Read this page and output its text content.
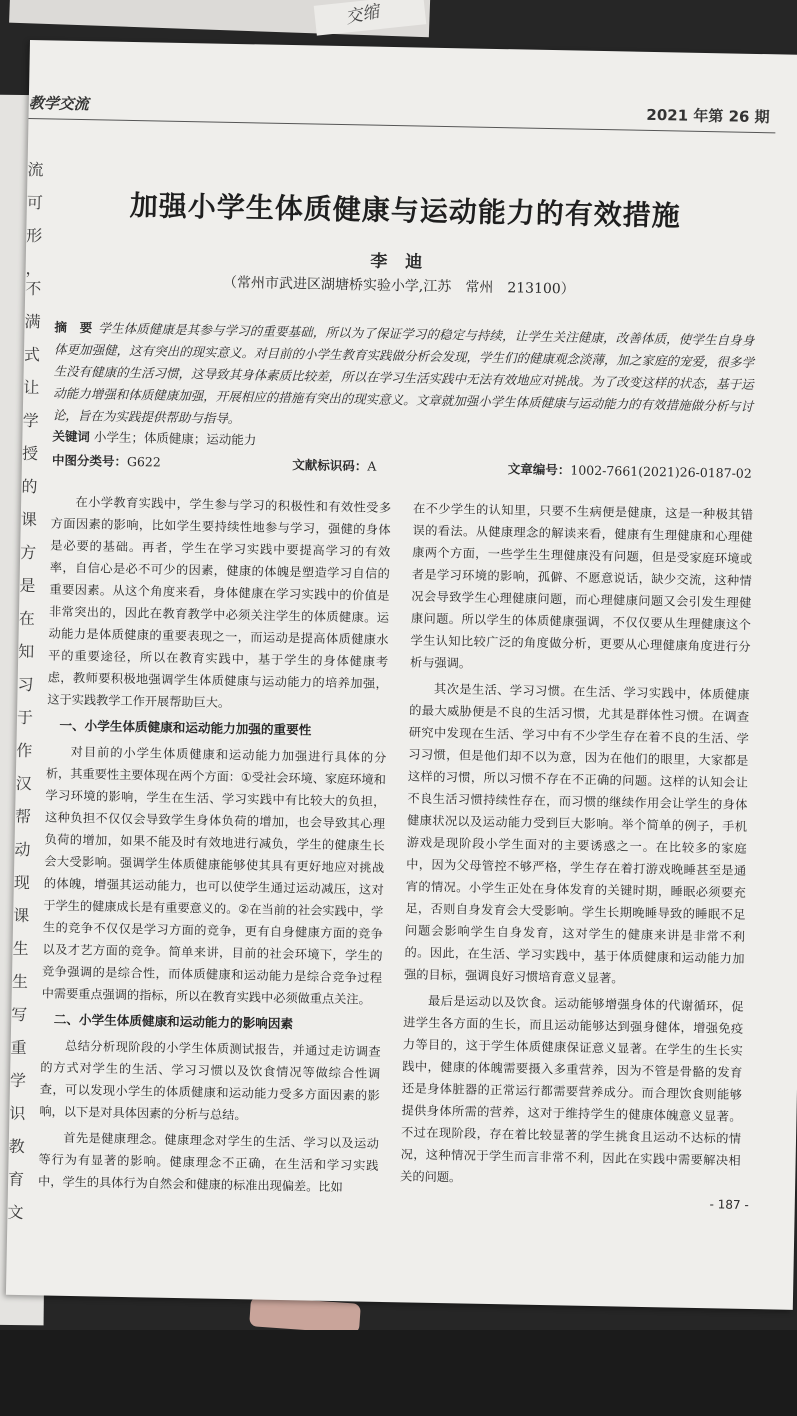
交缩
流
可
形
，不
满
式
让
学
授
的
课
方
是
在
知
习
于
作
汉
帮
动
现
课
生
生
写
重
学
识
教
育
文
教学交流
2021 年第 26 期
加强小学生体质健康与运动能力的有效措施
李 迪
（常州市武进区湖塘桥实验小学,江苏　常州　213100）
摘　要 学生体质健康是其参与学习的重要基础，所以为了保证学习的稳定与持续，让学生关注健康，改善体质，使学生自身身体更加强健，这有突出的现实意义。对目前的小学生教育实践做分析会发现，学生们的健康观念淡薄，加之家庭的宠爱，很多学生没有健康的生活习惯，这导致其身体素质比较差，所以在学习生活实践中无法有效地应对挑战。为了改变这样的状态，基于运动能力增强和体质健康加强，开展相应的措施有突出的现实意义。文章就加强小学生体质健康与运动能力的有效措施做分析与讨论，旨在为实践提供帮助与指导。
关键词 小学生；体质健康；运动能力
中图分类号：G622	文献标识码：A	文章编号：1002-7661(2021)26-0187-02

在小学教育实践中，学生参与学习的积极性和有效性受多方面因素的影响，比如学生要持续性地参与学习，强健的身体是必要的基础。再者，学生在学习实践中要提高学习的有效率，自信心是必不可少的因素，健康的体魄是塑造学习自信的重要因素。从这个角度来看，身体健康在学习实践中的价值是非常突出的，因此在教育教学中必须关注学生的体质健康。运动能力是体质健康的重要表现之一，而运动是提高体质健康水平的重要途径，所以在教育实践中，基于学生的身体健康考虑，教师要积极地强调学生体质健康与运动能力的培养加强，这于实践教学工作开展帮助巨大。

一、小学生体质健康和运动能力加强的重要性

对目前的小学生体质健康和运动能力加强进行具体的分析，其重要性主要体现在两个方面：①受社会环境、家庭环境和学习环境的影响，学生在生活、学习实践中有比较大的负担，这种负担不仅仅会导致学生身体负荷的增加，也会导致其心理负荷的增加，如果不能及时有效地进行减负，学生的健康生长会大受影响。强调学生体质健康能够使其具有更好地应对挑战的体魄，增强其运动能力，也可以使学生通过运动减压，这对于学生的健康成长是有重要意义的。②在当前的社会实践中，学生的竞争不仅仅是学习方面的竞争，更有自身健康方面的竞争以及才艺方面的竞争。简单来讲，目前的社会环境下，学生的竞争强调的是综合性，而体质健康和运动能力是综合竞争过程中需要重点强调的指标，所以在教育实践中必须做重点关注。

二、小学生体质健康和运动能力的影响因素

总结分析现阶段的小学生体质测试报告，并通过走访调查的方式对学生的生活、学习习惯以及饮食情况等做综合性调查，可以发现小学生的体质健康和运动能力受多方面因素的影响，以下是对具体因素的分析与总结。

首先是健康理念。健康理念对学生的生活、学习以及运动等行为有显著的影响。健康理念不正确，在生活和学习实践中，学生的具体行为自然会和健康的标准出现偏差。比如

在不少学生的认知里，只要不生病便是健康，这是一种极其错误的看法。从健康理念的解读来看，健康有生理健康和心理健康两个方面，一些学生生理健康没有问题，但是受家庭环境或者是学习环境的影响，孤僻、不愿意说话，缺少交流，这种情况会导致学生心理健康问题，而心理健康问题又会引发生理健康问题。所以学生的体质健康强调，不仅仅要从生理健康这个学生认知比较广泛的角度做分析，更要从心理健康角度进行分析与强调。

其次是生活、学习习惯。在生活、学习实践中，体质健康的最大威胁便是不良的生活习惯，尤其是群体性习惯。在调查研究中发现在生活、学习中有不少学生存在着不良的生活、学习习惯，但是他们却不以为意，因为在他们的眼里，大家都是这样的习惯，所以习惯不存在不正确的问题。这样的认知会让不良生活习惯持续性存在，而习惯的继续作用会让学生的身体健康状况以及运动能力受到巨大影响。举个简单的例子，手机游戏是现阶段小学生面对的主要诱惑之一。在比较多的家庭中，因为父母管控不够严格，学生存在着打游戏晚睡甚至是通宵的情况。小学生正处在身体发育的关键时期，睡眠必须要充足，否则自身发育会大受影响。学生长期晚睡导致的睡眠不足问题会影响学生自身发育，这对学生的健康来讲是非常不利的。因此，在生活、学习实践中，基于体质健康和运动能力加强的目标，强调良好习惯培育意义显著。

最后是运动以及饮食。运动能够增强身体的代谢循环，促进学生各方面的生长，而且运动能够达到强身健体，增强免疫力等目的，这于学生体质健康保证意义显著。在学生的生长实践中，健康的体魄需要摄入多重营养，因为不管是骨骼的发育还是身体脏器的正常运行都需要营养成分。而合理饮食则能够提供身体所需的营养，这对于维持学生的健康体魄意义显著。不过在现阶段，存在着比较显著的学生挑食且运动不达标的情况，这种情况于学生而言非常不利，因此在实践中需要解决相关的问题。

- 187 -
